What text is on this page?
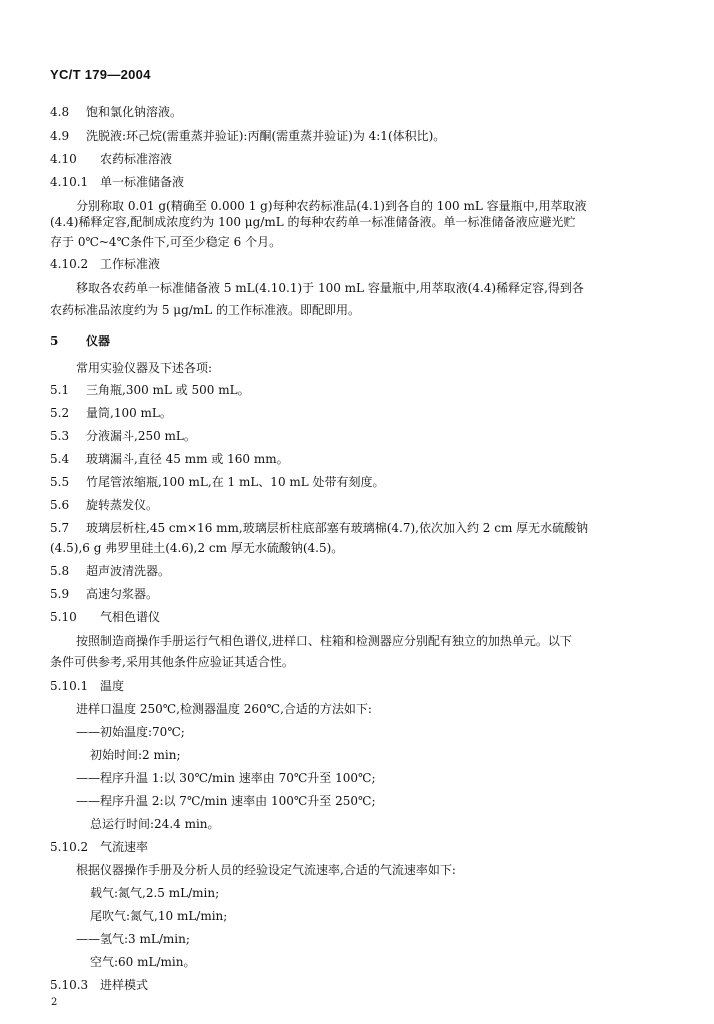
YC/T 179—2004
4.8 饱和氯化钠溶液。
4.9 洗脱液:环己烷(需重蒸并验证):丙酮(需重蒸并验证)为 4:1(体积比)。
4.10 农药标准溶液
4.10.1 单一标准储备液
分别称取 0.01 g(精确至 0.000 1 g)每种农药标准品(4.1)到各自的 100 mL 容量瓶中,用萃取液
(4.4)稀释定容,配制成浓度约为 100 μg/mL 的每种农药单一标准储备液。单一标准储备液应避光贮
存于 0℃~4℃条件下,可至少稳定 6 个月。
4.10.2 工作标准液
移取各农药单一标准储备液 5 mL(4.10.1)于 100 mL 容量瓶中,用萃取液(4.4)稀释定容,得到各
农药标准品浓度约为 5 μg/mL 的工作标准液。即配即用。
5 仪器
常用实验仪器及下述各项:
5.1 三角瓶,300 mL 或 500 mL。
5.2 量筒,100 mL。
5.3 分液漏斗,250 mL。
5.4 玻璃漏斗,直径 45 mm 或 160 mm。
5.5 竹尾管浓缩瓶,100 mL,在 1 mL、10 mL 处带有刻度。
5.6 旋转蒸发仪。
5.7 玻璃层析柱,45 cm×16 mm,玻璃层析柱底部塞有玻璃棉(4.7),依次加入约 2 cm 厚无水硫酸钠
(4.5),6 g 弗罗里硅土(4.6),2 cm 厚无水硫酸钠(4.5)。
5.8 超声波清洗器。
5.9 高速匀浆器。
5.10 气相色谱仪
按照制造商操作手册运行气相色谱仪,进样口、柱箱和检测器应分别配有独立的加热单元。以下
条件可供参考,采用其他条件应验证其适合性。
5.10.1 温度
进样口温度 250℃,检测器温度 260℃,合适的方法如下:
——初始温度:70℃;
初始时间:2 min;
——程序升温 1:以 30℃/min 速率由 70℃升至 100℃;
——程序升温 2:以 7℃/min 速率由 100℃升至 250℃;
总运行时间:24.4 min。
5.10.2 气流速率
根据仪器操作手册及分析人员的经验设定气流速率,合适的气流速率如下:
载气:氮气,2.5 mL/min;
尾吹气:氮气,10 mL/min;
——氢气:3 mL/min;
空气:60 mL/min。
5.10.3 进样模式
2
